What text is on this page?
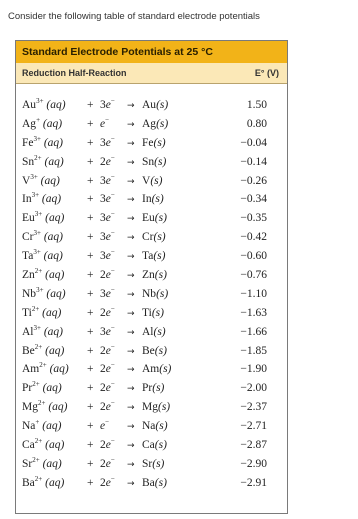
Consider the following table of standard electrode potentials
Standard Electrode Potentials at 25 °C
Reduction Half-Reaction	E° (V)
$Au^{3+}$ (aq) + 3e− → Au(s)	1.50
Ag+ (aq) + e− → Ag(s)	0.80
$Fe^{3+}$ (aq) + 3e− → Fe(s)	−0.04
$Sn^{2+}$ (aq) + 2e− → Sn(s)	−0.14
$V^{3+}$ (aq) + 3e− → V(s)	−0.26
$In^{3+}$ (aq) + 3e− → In(s)	−0.34
$Eu^{3+}$ (aq) + 3e− → Eu(s)	−0.35
$Cr^{3+}$ (aq) + 3e− → Cr(s)	−0.42
$Ta^{3+}$ (aq) + 3e− → Ta(s)	−0.60
$Zn^{2+}$ (aq) + 2e− → Zn(s)	−0.76
$Nb^{3+}$ (aq) + 3e− → Nb(s)	−1.10
$Ti^{2+}$ (aq) + 2e− → Ti(s)	−1.63
$Al^{3+}$ (aq) + 3e− → Al(s)	−1.66
$Be^{2+}$ (aq) + 2e− → Be(s)	−1.85
$Am^{2+}$ (aq) + 2e− → Am(s)	−1.90
$Pr^{2+}$ (aq) + 2e− → Pr(s)	−2.00
$Mg^{2+}$ (aq) + 2e− → Mg(s)	−2.37
Na+ (aq) + e− → Na(s)	−2.71
$Ca^{2+}$ (aq) + 2e− → Ca(s)	−2.87
$Sr^{2+}$ (aq) + 2e− → Sr(s)	−2.90
$Ba^{2+}$ (aq) + 2e− → Ba(s)	−2.91
